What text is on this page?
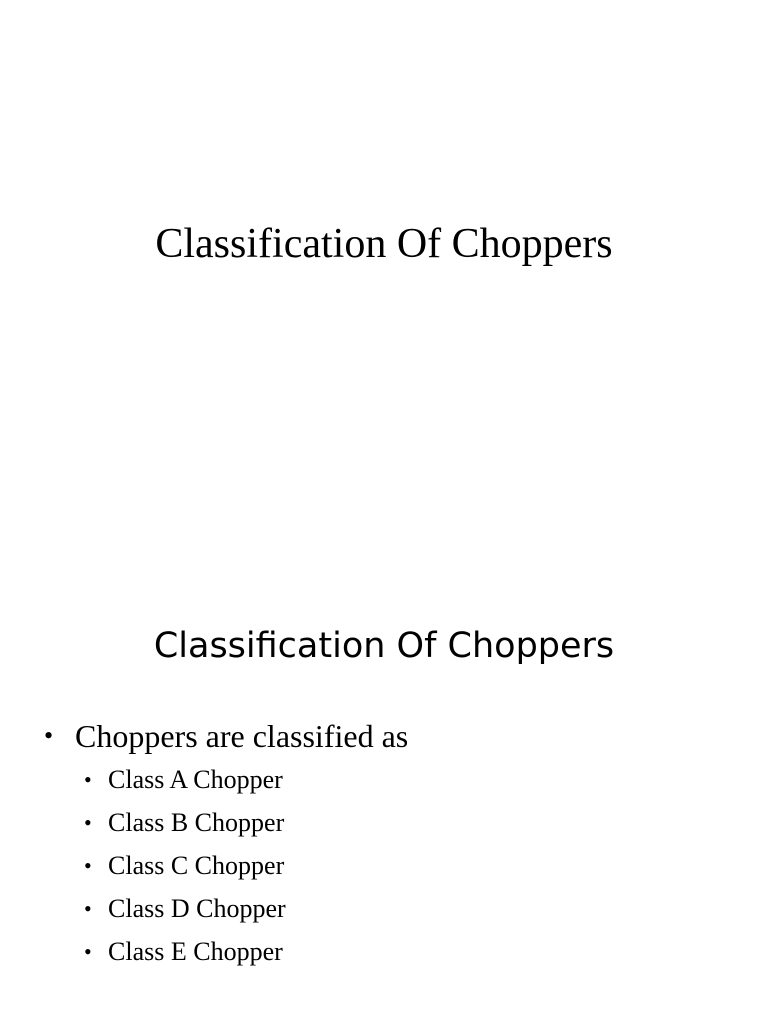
Classification Of Choppers
Classification Of Choppers
• Choppers are classified as
• Class A Chopper
• Class B Chopper
• Class C Chopper
• Class D Chopper
• Class E Chopper
